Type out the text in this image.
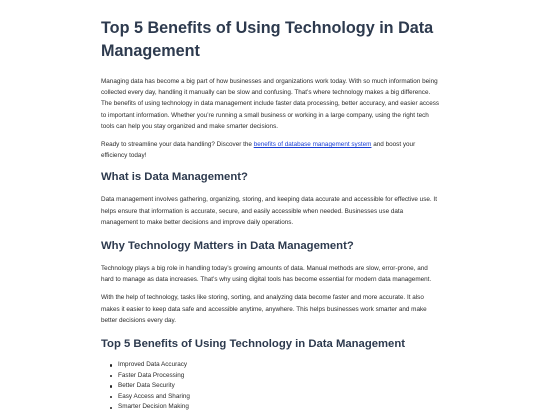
Top 5 Benefits of Using Technology in Data Management

Managing data has become a big part of how businesses and organizations work today. With so much information being collected every day, handling it manually can be slow and confusing. That’s where technology makes a big difference. The benefits of using technology in data management include faster data processing, better accuracy, and easier access to important information. Whether you’re running a small business or working in a large company, using the right tech tools can help you stay organized and make smarter decisions.

Ready to streamline your data handling? Discover the benefits of database management system and boost your efficiency today!

What is Data Management?

Data management involves gathering, organizing, storing, and keeping data accurate and accessible for effective use. It helps ensure that information is accurate, secure, and easily accessible when needed. Businesses use data management to make better decisions and improve daily operations.

Why Technology Matters in Data Management?

Technology plays a big role in handling today’s growing amounts of data. Manual methods are slow, error-prone, and hard to manage as data increases. That’s why using digital tools has become essential for modern data management.

With the help of technology, tasks like storing, sorting, and analyzing data become faster and more accurate. It also makes it easier to keep data safe and accessible anytime, anywhere. This helps businesses work smarter and make better decisions every day.

Top 5 Benefits of Using Technology in Data Management
Improved Data Accuracy
Faster Data Processing
Better Data Security
Easy Access and Sharing
Smarter Decision Making
